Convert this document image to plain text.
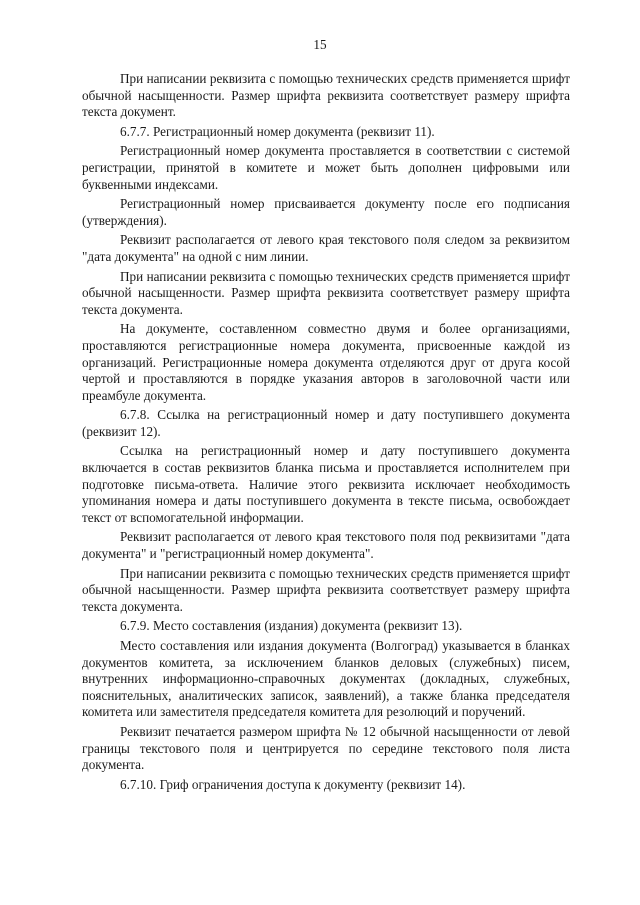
15

При написании реквизита с помощью технических средств применяется шрифт обычной насыщенности. Размер шрифта реквизита соответствует размеру шрифта текста документ.

6.7.7. Регистрационный номер документа (реквизит 11).

Регистрационный номер документа проставляется в соответствии с системой регистрации, принятой в комитете и может быть дополнен цифровыми или буквенными индексами.

Регистрационный номер присваивается документу после его подписания (утверждения).

Реквизит располагается от левого края текстового поля следом за реквизитом "дата документа" на одной с ним линии.

При написании реквизита с помощью технических средств применяется шрифт обычной насыщенности. Размер шрифта реквизита соответствует размеру шрифта текста документа.

На документе, составленном совместно двумя и более организациями, проставляются регистрационные номера документа, присвоенные каждой из организаций. Регистрационные номера документа отделяются друг от друга косой чертой и проставляются в порядке указания авторов в заголовочной части или преамбуле документа.

6.7.8. Ссылка на регистрационный номер и дату поступившего документа (реквизит 12).

Ссылка на регистрационный номер и дату поступившего документа включается в состав реквизитов бланка письма и проставляется исполнителем при подготовке письма-ответа. Наличие этого реквизита исключает необходимость упоминания номера и даты поступившего документа в тексте письма, освобождает текст от вспомогательной информации.

Реквизит располагается от левого края текстового поля под реквизитами "дата документа" и "регистрационный номер документа".

При написании реквизита с помощью технических средств применяется шрифт обычной насыщенности. Размер шрифта реквизита соответствует размеру шрифта текста документа.

6.7.9. Место составления (издания) документа (реквизит 13).

Место составления или издания документа (Волгоград) указывается в бланках документов комитета, за исключением бланков деловых (служебных) писем, внутренних информационно-справочных документах (докладных, служебных, пояснительных, аналитических записок, заявлений), а также бланка председателя комитета или заместителя председателя комитета для резолюций и поручений.

Реквизит печатается размером шрифта № 12 обычной насыщенности от левой границы текстового поля и центрируется по середине текстового поля листа документа.

6.7.10. Гриф ограничения доступа к документу (реквизит 14).
